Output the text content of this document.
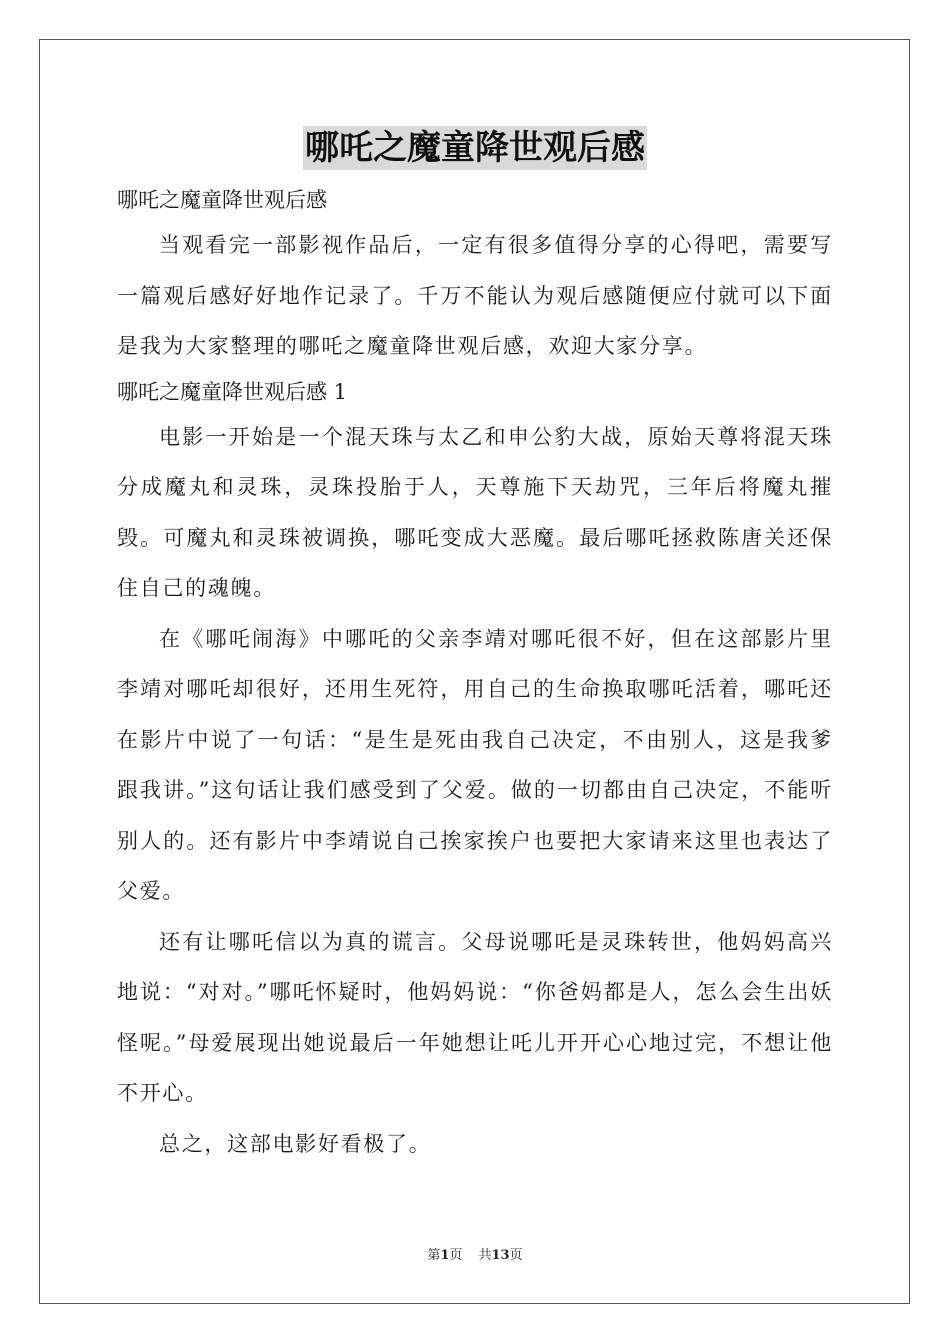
哪吒之魔童降世观后感

哪吒之魔童降世观后感

当观看完一部影视作品后，一定有很多值得分享的心得吧，需要写一篇观后感好好地作记录了。千万不能认为观后感随便应付就可以下面是我为大家整理的哪吒之魔童降世观后感，欢迎大家分享。

哪吒之魔童降世观后感 1

电影一开始是一个混天珠与太乙和申公豹大战，原始天尊将混天珠分成魔丸和灵珠，灵珠投胎于人，天尊施下天劫咒，三年后将魔丸摧毁。可魔丸和灵珠被调换，哪吒变成大恶魔。最后哪吒拯救陈唐关还保住自己的魂魄。

在《哪吒闹海》中哪吒的父亲李靖对哪吒很不好，但在这部影片里李靖对哪吒却很好，还用生死符，用自己的生命换取哪吒活着，哪吒还在影片中说了一句话：“是生是死由我自己决定，不由别人，这是我爹跟我讲。”这句话让我们感受到了父爱。做的一切都由自己决定，不能听别人的。还有影片中李靖说自己挨家挨户也要把大家请来这里也表达了父爱。

还有让哪吒信以为真的谎言。父母说哪吒是灵珠转世，他妈妈高兴地说：“对对。”哪吒怀疑时，他妈妈说：“你爸妈都是人，怎么会生出妖怪呢。”母爱展现出她说最后一年她想让吒儿开开心心地过完，不想让他不开心。

总之，这部电影好看极了。

第1页 共13页
